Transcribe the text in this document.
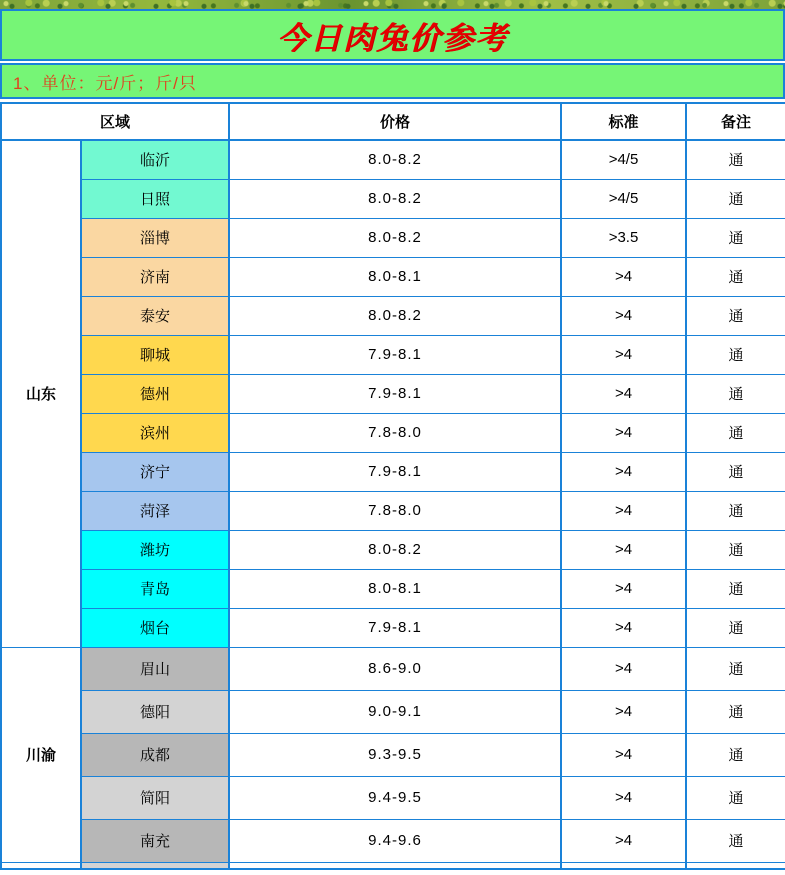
今日肉兔价参考
1、单位：元/斤；斤/只
区域		价格	标准	备注
山东	临沂	8.0-8.2	>4/5	通
	日照	8.0-8.2	>4/5	通
	淄博	8.0-8.2	>3.5	通
	济南	8.0-8.1	>4	通
	泰安	8.0-8.2	>4	通
	聊城	7.9-8.1	>4	通
	德州	7.9-8.1	>4	通
	滨州	7.8-8.0	>4	通
	济宁	7.9-8.1	>4	通
	菏泽	7.8-8.0	>4	通
	潍坊	8.0-8.2	>4	通
	青岛	8.0-8.1	>4	通
	烟台	7.9-8.1	>4	通
川渝	眉山	8.6-9.0	>4	通
	德阳	9.0-9.1	>4	通
	成都	9.3-9.5	>4	通
	简阳	9.4-9.5	>4	通
	南充	9.4-9.6	>4	通
